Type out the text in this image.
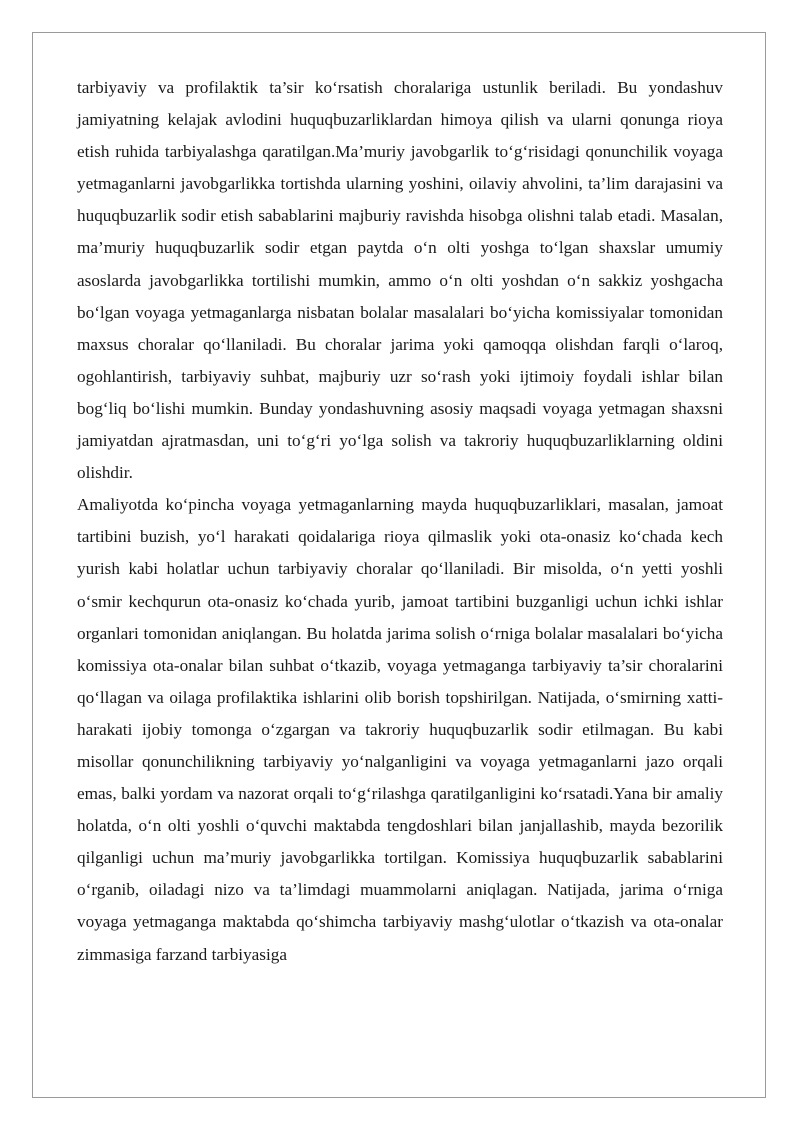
tarbiyaviy va profilaktik ta’sir ko‘rsatish choralariga ustunlik beriladi. Bu yondashuv jamiyatning kelajak avlodini huquqbuzarliklardan himoya qilish va ularni qonunga rioya etish ruhida tarbiyalashga qaratilgan.Ma’muriy javobgarlik to‘g‘risidagi qonunchilik voyaga yetmaganlarni javobgarlikka tortishda ularning yoshini, oilaviy ahvolini, ta’lim darajasini va huquqbuzarlik sodir etish sabablarini majburiy ravishda hisobga olishni talab etadi. Masalan, ma’muriy huquqbuzarlik sodir etgan paytda o‘n olti yoshga to‘lgan shaxslar umumiy asoslarda javobgarlikka tortilishi mumkin, ammo o‘n olti yoshdan o‘n sakkiz yoshgacha bo‘lgan voyaga yetmaganlarga nisbatan bolalar masalalari bo‘yicha komissiyalar tomonidan maxsus choralar qo‘llaniladi. Bu choralar jarima yoki qamoqqa olishdan farqli o‘laroq, ogohlantirish, tarbiyaviy suhbat, majburiy uzr so‘rash yoki ijtimoiy foydali ishlar bilan bog‘liq bo‘lishi mumkin. Bunday yondashuvning asosiy maqsadi voyaga yetmagan shaxsni jamiyatdan ajratmasdan, uni to‘g‘ri yo‘lga solish va takroriy huquqbuzarliklarning oldini olishdir.

Amaliyotda ko‘pincha voyaga yetmaganlarning mayda huquqbuzarliklari, masalan, jamoat tartibini buzish, yo‘l harakati qoidalariga rioya qilmaslik yoki ota-onasiz ko‘chada kech yurish kabi holatlar uchun tarbiyaviy choralar qo‘llaniladi. Bir misolda, o‘n yetti yoshli o‘smir kechqurun ota-onasiz ko‘chada yurib, jamoat tartibini buzganligi uchun ichki ishlar organlari tomonidan aniqlangan. Bu holatda jarima solish o‘rniga bolalar masalalari bo‘yicha komissiya ota-onalar bilan suhbat o‘tkazib, voyaga yetmaganga tarbiyaviy ta’sir choralarini qo‘llagan va oilaga profilaktika ishlarini olib borish topshirilgan. Natijada, o‘smirning xatti-harakati ijobiy tomonga o‘zgargan va takroriy huquqbuzarlik sodir etilmagan. Bu kabi misollar qonunchilikning tarbiyaviy yo‘nalganligini va voyaga yetmaganlarni jazo orqali emas, balki yordam va nazorat orqali to‘g‘rilashga qaratilganligini ko‘rsatadi.Yana bir amaliy holatda, o‘n olti yoshli o‘quvchi maktabda tengdoshlari bilan janjallashib, mayda bezorilik qilganligi uchun ma’muriy javobgarlikka tortilgan. Komissiya huquqbuzarlik sabablarini o‘rganib, oiladagi nizo va ta’limdagi muammolarni aniqlagan. Natijada, jarima o‘rniga voyaga yetmaganga maktabda qo‘shimcha tarbiyaviy mashg‘ulotlar o‘tkazish va ota-onalar zimmasiga farzand tarbiyasiga
